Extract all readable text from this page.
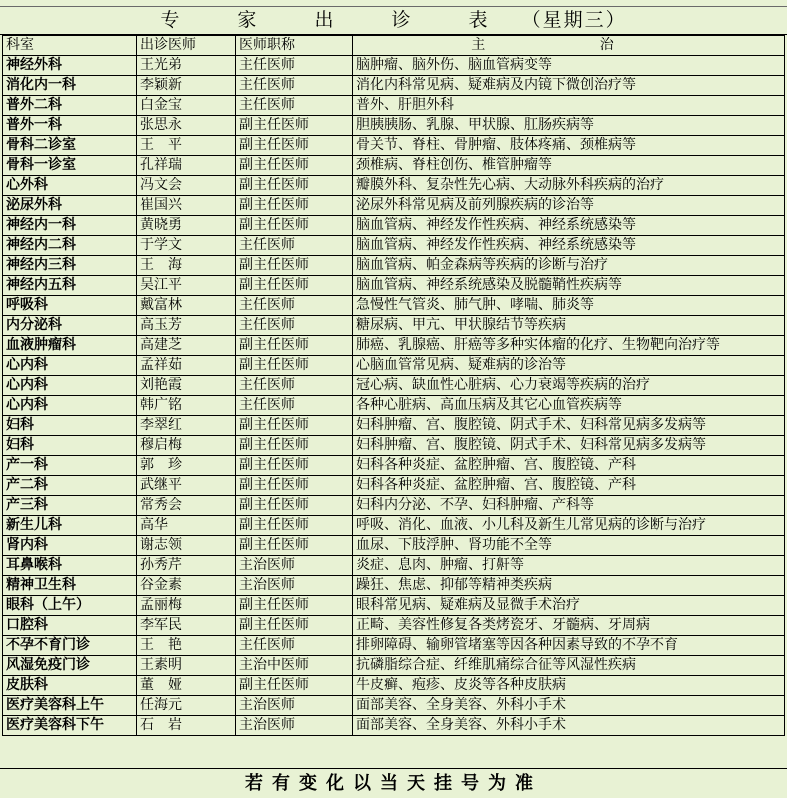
专 家 出 诊 表 （星期三）
科室	出诊医师	医师职称	主 治
神经外科	王光弟	主任医师	脑肿瘤、脑外伤、脑血管病变等
消化内一科	李颖新	主任医师	消化内科常见病、疑难病及内镜下微创治疗等
普外二科	白金宝	主任医师	普外、肝胆外科
普外一科	张思永	副主任医师	胆胰胰肠、乳腺、甲状腺、肛肠疾病等
骨科二诊室	王　平	副主任医师	骨关节、脊柱、骨肿瘤、肢体疼痛、颈椎病等
骨科一诊室	孔祥瑞	副主任医师	颈椎病、脊柱创伤、椎管肿瘤等
心外科	冯文会	副主任医师	瓣膜外科、复杂性先心病、大动脉外科疾病的治疗
泌尿外科	崔国兴	副主任医师	泌尿外科常见病及前列腺疾病的诊治等
神经内一科	黄晓勇	副主任医师	脑血管病、神经发作性疾病、神经系统感染等
神经内二科	于学文	主任医师	脑血管病、神经发作性疾病、神经系统感染等
神经内三科	王　海	副主任医师	脑血管病、帕金森病等疾病的诊断与治疗
神经内五科	吴江平	副主任医师	脑血管病、神经系统感染及脱髓鞘性疾病等
呼吸科	戴富林	主任医师	急慢性气管炎、肺气肿、哮喘、肺炎等
内分泌科	高玉芳	主任医师	糖尿病、甲亢、甲状腺结节等疾病
血液肿瘤科	高建芝	副主任医师	肺癌、乳腺癌、肝癌等多种实体瘤的化疗、生物靶向治疗等
心内科	孟祥茹	副主任医师	心脑血管常见病、疑难病的诊治等
心内科	刘艳霞	主任医师	冠心病、缺血性心脏病、心力衰竭等疾病的治疗
心内科	韩广铭	主任医师	各种心脏病、高血压病及其它心血管疾病等
妇科	李翠红	副主任医师	妇科肿瘤、宫、腹腔镜、阴式手术、妇科常见病多发病等
妇科	穆启梅	副主任医师	妇科肿瘤、宫、腹腔镜、阴式手术、妇科常见病多发病等
产一科	郭　珍	副主任医师	妇科各种炎症、盆腔肿瘤、宫、腹腔镜、产科
产二科	武继平	副主任医师	妇科各种炎症、盆腔肿瘤、宫、腹腔镜、产科
产三科	常秀会	副主任医师	妇科内分泌、不孕、妇科肿瘤、产科等
新生儿科	高华	副主任医师	呼吸、消化、血液、小儿科及新生儿常见病的诊断与治疗
肾内科	谢志领	副主任医师	血尿、下肢浮肿、肾功能不全等
耳鼻喉科	孙秀芹	主治医师	炎症、息肉、肿瘤、打鼾等
精神卫生科	谷金素	主治医师	躁狂、焦虑、抑郁等精神类疾病
眼科（上午）	孟丽梅	副主任医师	眼科常见病、疑难病及显微手术治疗
口腔科	李军民	副主任医师	正畸、美容性修复各类烤瓷牙、牙髓病、牙周病
不孕不育门诊	王　艳	主任医师	排卵障碍、输卵管堵塞等因各种因素导致的不孕不育
风湿免疫门诊	王素明	主治中医师	抗磷脂综合症、纤维肌痛综合征等风湿性疾病
皮肤科	董　娅	副主任医师	牛皮癣、疱疹、皮炎等各种皮肤病
医疗美容科上午	任海元	主治医师	面部美容、全身美容、外科小手术
医疗美容科下午	石　岩	主治医师	面部美容、全身美容、外科小手术
若有变化以当天挂号为准
